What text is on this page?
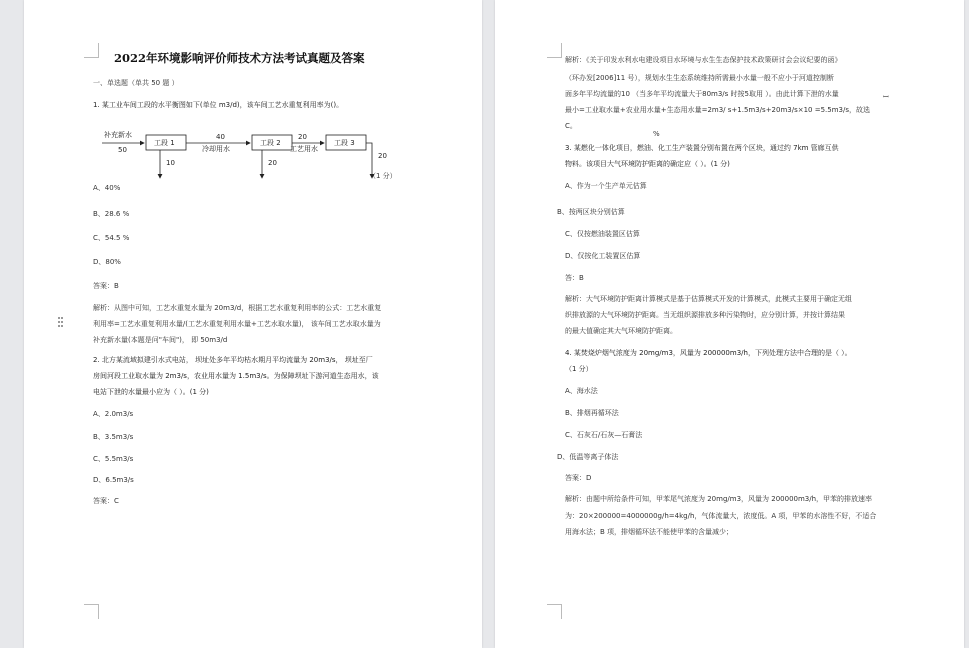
2022年环境影响评价师技术方法考试真题及答案
一、单选题（单共 50 题 ）
1. 某工业车间工段的水平衡图如下(单位 m3/d)，该车间工艺水重复利用率为()。
补充新水
50
工段 1
40
冷却用水
10
工段 2
20
工艺用水
20
工段 3
20
（1 分）
A、40%
B、28.6 %
C、54.5 %
D、80%
答案：B
解析：从图中可知，工艺水重复水量为 20m3/d，根据工艺水重复利用率的公式：工艺水重复
利用率=工艺水重复利用水量/(工艺水重复利用水量+工艺水取水量)， 该车间工艺水取水量为
补充新水量(本题是问"车间")， 即 50m3/d
2. 北方某流域拟建引水式电站， 坝址处多年平均枯水期月平均流量为 20m3/s， 坝址至厂
房间河段工业取水量为 2m3/s，农业用水量为 1.5m3/s。为保障坝址下游河道生态用水，该
电站下泄的水量最小应为（ ）。(1 分)
A、2.0m3/s
B、3.5m3/s
C、5.5m3/s
D、6.5m3/s
答案：C
解析：《关于印发水利水电建设项目水环境与水生生态保护技术政策研讨会会议纪要的函》
（环办发[2006]11 号），规划水生生态系统维持所需最小水量一般不应小于河道控制断
面多年平均流量的10 （当多年平均流量大于80m3/s 时按5取用 ）。由此计算下泄的水量	ꟷ
最小=工业取水量+农业用水量+生态用水量=2m3/ s+1.5m3/s+20m3/s×10 =5.5m3/s，故选
C。
%
3. 某燃化一体化项目，燃油、化工生产装置分别布置在两个区块，通过约 7km 管廊互供
物料。该项目大气环境防护距离的确定应（ ）。(1 分)
A、作为一个生产单元估算
B、按两区块分别估算
C、仅按燃油装置区估算
D、仅按化工装置区估算
答：B
解析：大气环境防护距离计算模式是基于估算模式开发的计算模式，此模式主要用于确定无组
织排放源的大气环境防护距离。当无组织源排放多种污染物时，应分别计算，并按计算结果
的最大值确定其大气环境防护距离。
4. 某焚烧炉烟气浓度为 20mg/m3，风量为 200000m3/h，下列处理方法中合理的是（ ）。
（1 分）
A、海水法
B、排烟再循环法
C、石灰石/石灰—石膏法
D、低温等离子体法
答案：D
解析：由题中所给条件可知，甲苯尾气浓度为 20mg/m3，风量为 200000m3/h，甲苯的排放速率
为：20×200000=4000000g/h=4kg/h，气体流量大，浓度低。A 项，甲苯的水溶性不好，不适合
用海水法；B 项，排烟循环法不能使甲苯的含量减少；
